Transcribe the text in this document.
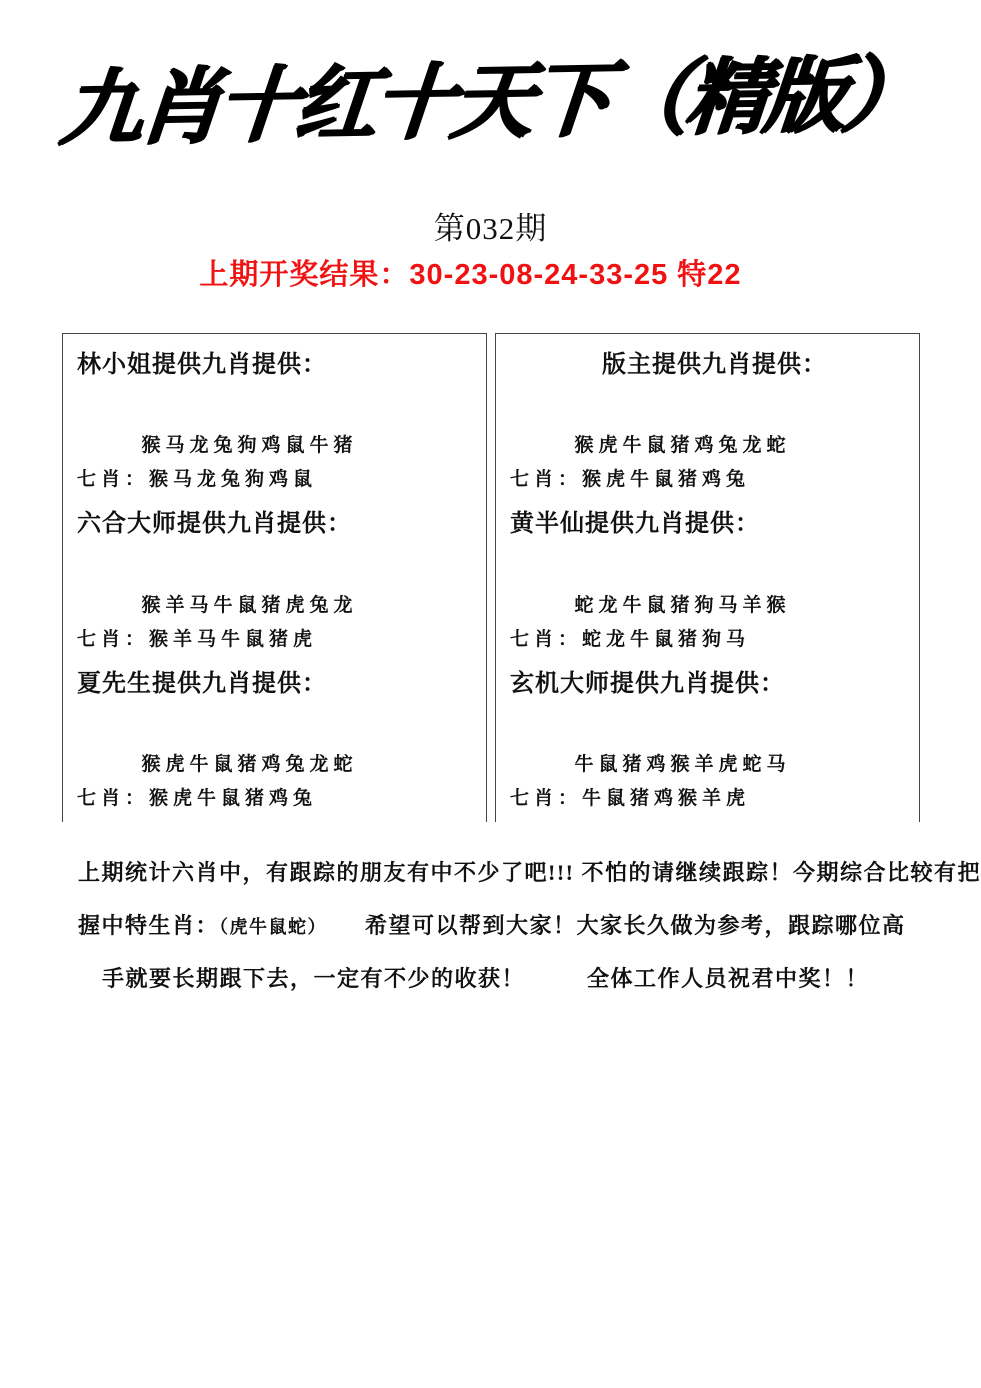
九肖十红十天下（精版）
第032期
上期开奖结果：30-23-08-24-33-25 特22
林小姐提供九肖提供：
猴马龙兔狗鸡鼠牛猪
七肖：猴马龙兔狗鸡鼠
六合大师提供九肖提供：
猴羊马牛鼠猪虎兔龙
七肖：猴羊马牛鼠猪虎
夏先生提供九肖提供：
猴虎牛鼠猪鸡兔龙蛇
七肖：猴虎牛鼠猪鸡兔
版主提供九肖提供：
猴虎牛鼠猪鸡兔龙蛇
七肖：猴虎牛鼠猪鸡兔
黄半仙提供九肖提供：
蛇龙牛鼠猪狗马羊猴
七肖：蛇龙牛鼠猪狗马
玄机大师提供九肖提供：
牛鼠猪鸡猴羊虎蛇马
七肖：牛鼠猪鸡猴羊虎
上期统计六肖中，有跟踪的朋友有中不少了吧!!! 不怕的请继续跟踪！今期综合比较有把
握中特生肖：（虎牛鼠蛇） 希望可以帮到大家！大家长久做为参考，跟踪哪位高
手就要长期跟下去，一定有不少的收获！	全体工作人员祝君中奖！！
